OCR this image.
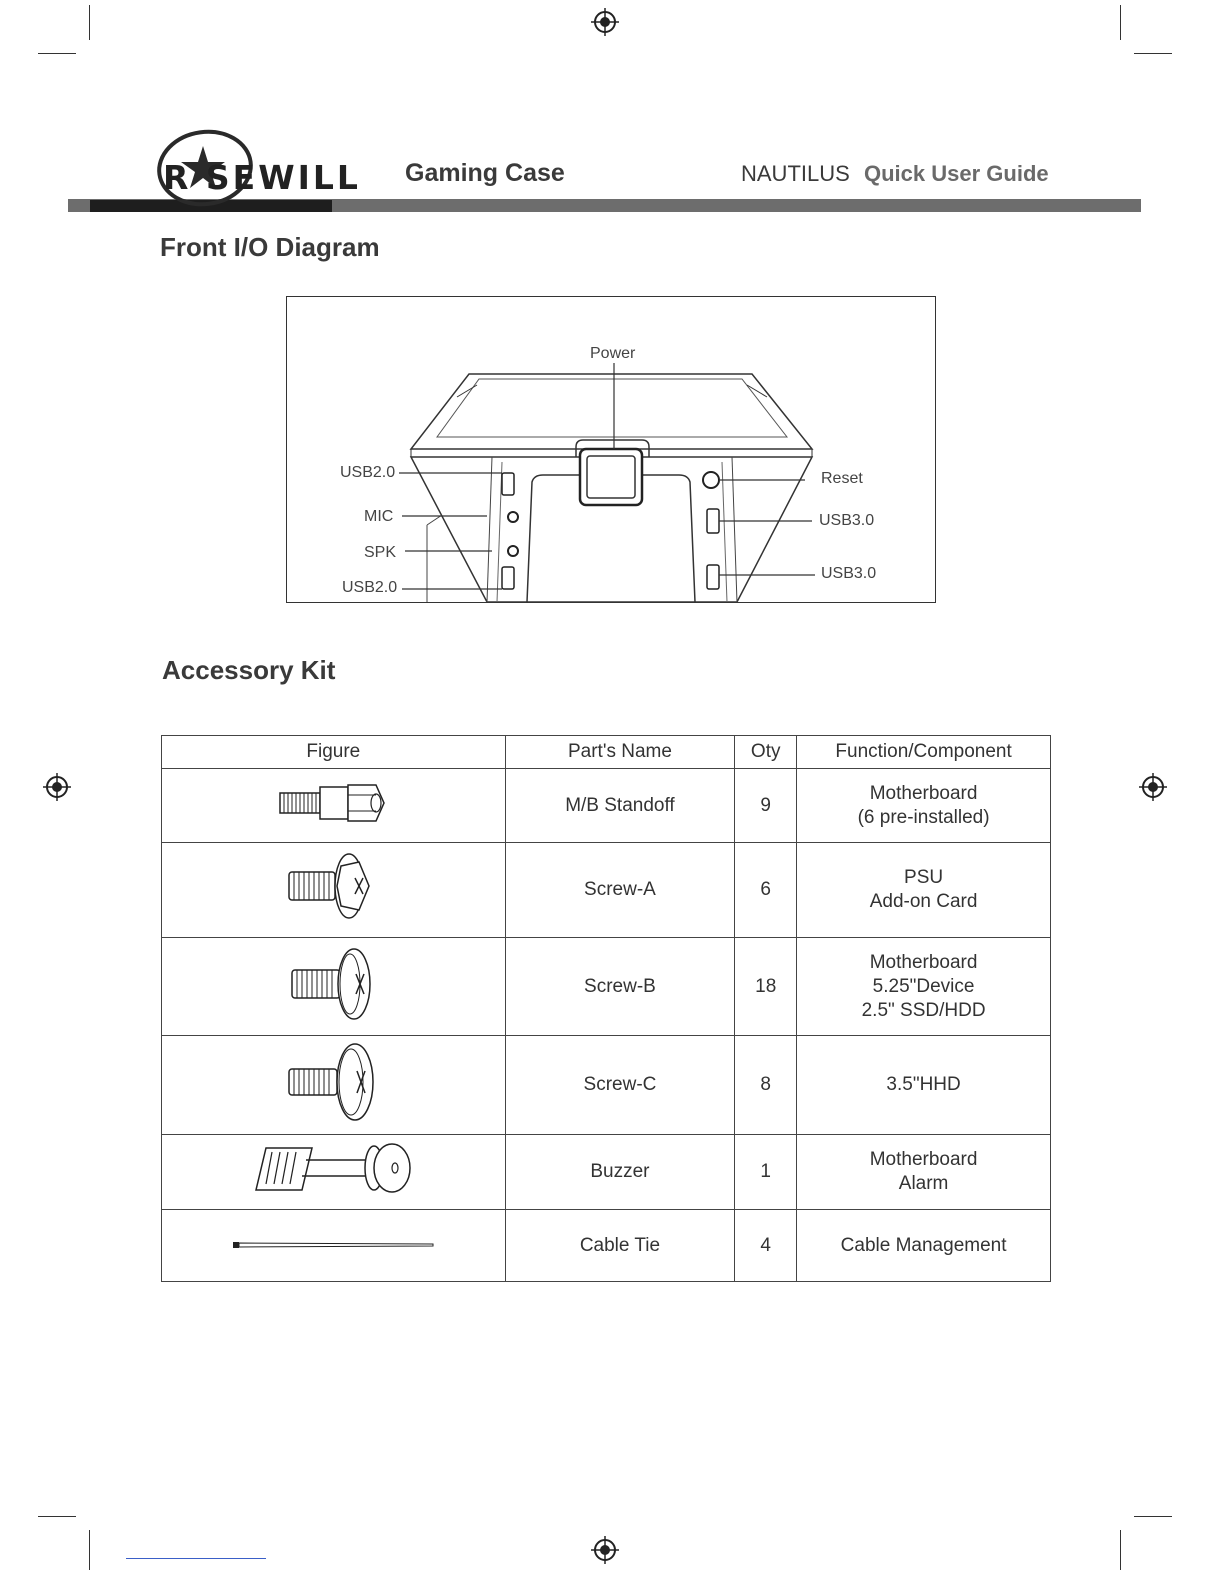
R SEWILL Gaming Case	NAUTILUS Quick User Guide
Front I/O Diagram
Power
USB2.0
MIC
SPK
USB2.0
Reset
USB3.0
USB3.0
Accessory Kit
Figure	Part's Name	Oty	Function/Component
	M/B Standoff	9	Motherboard
(6 pre-installed)

	Screw-A	6	PSU
Add-on Card

	Screw-B	18	Motherboard
5.25"Device
2.5" SSD/HDD

	Screw-C	8	3.5"HHD

	Buzzer	1	Motherboard
Alarm

	Cable Tie	4	Cable Management
